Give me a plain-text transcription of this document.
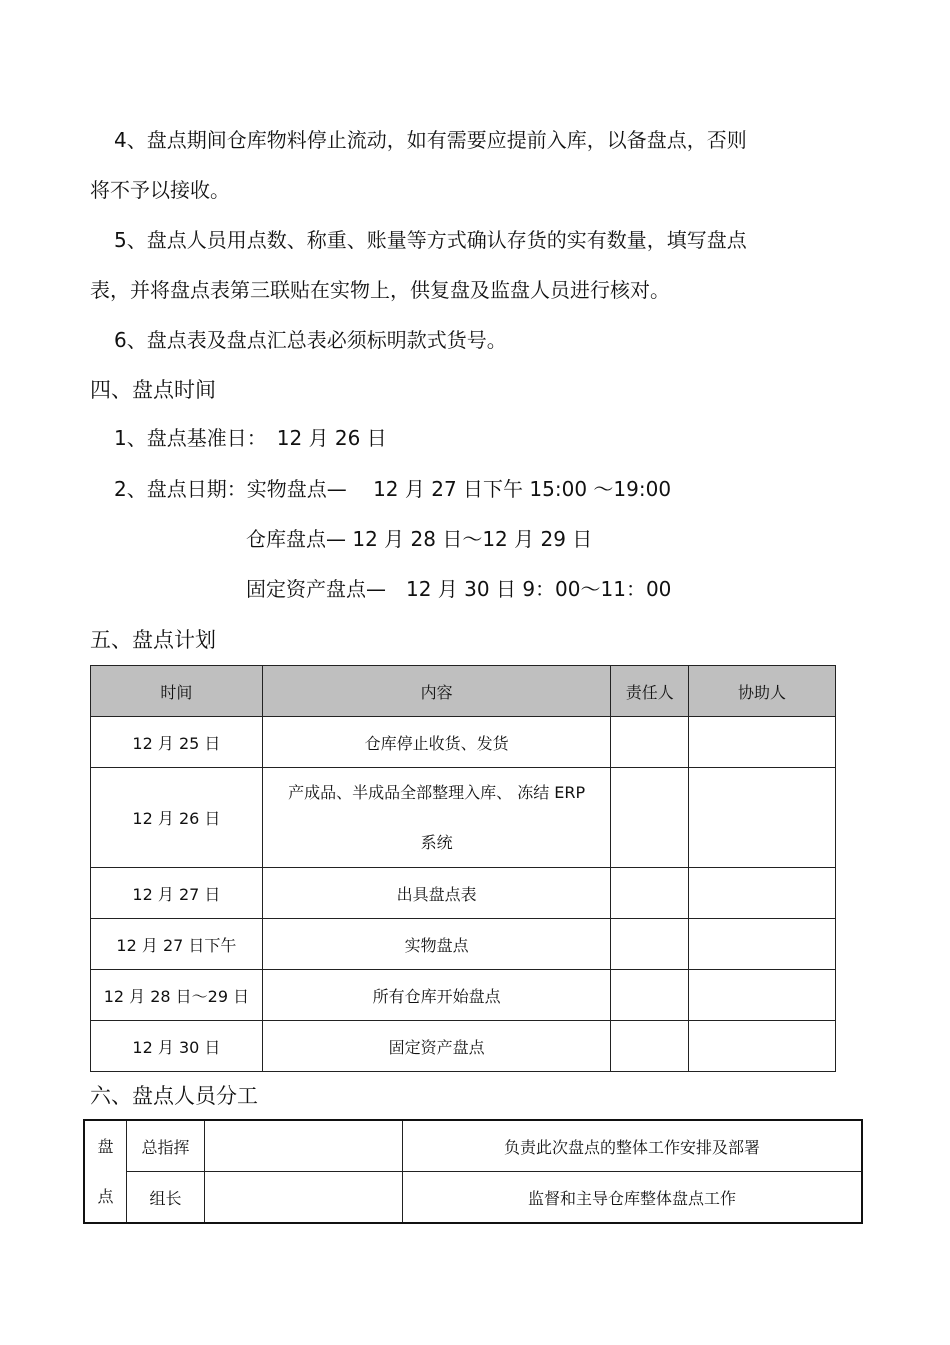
4、盘点期间仓库物料停止流动，如有需要应提前入库，以备盘点，否则
将不予以接收。
5、盘点人员用点数、称重、账量等方式确认存货的实有数量，填写盘点
表，并将盘点表第三联贴在实物上，供复盘及监盘人员进行核对。
6、盘点表及盘点汇总表必须标明款式货号。
四、盘点时间
1、盘点基准日：　12 月 26 日
2、盘点日期：实物盘点—　 12 月 27 日下午 15:00 ～19:00
仓库盘点— 12 月 28 日～12 月 29 日
固定资产盘点—　12 月 30 日 9：00～11：00
五、盘点计划
时间	内容	责任人	协助人
12 月 25 日	仓库停止收货、发货		
12 月 26 日	产成品、半成品全部整理入库、 冻结 ERP
系统		

12 月 27 日	出具盘点表		
12 月 27 日下午	实物盘点		
12 月 28 日～29 日	所有仓库开始盘点		
12 月 30 日	固定资产盘点		
六、盘点人员分工
盘
点	总指挥		负责此次盘点的整体工作安排及部署
	组长		监督和主导仓库整体盘点工作
